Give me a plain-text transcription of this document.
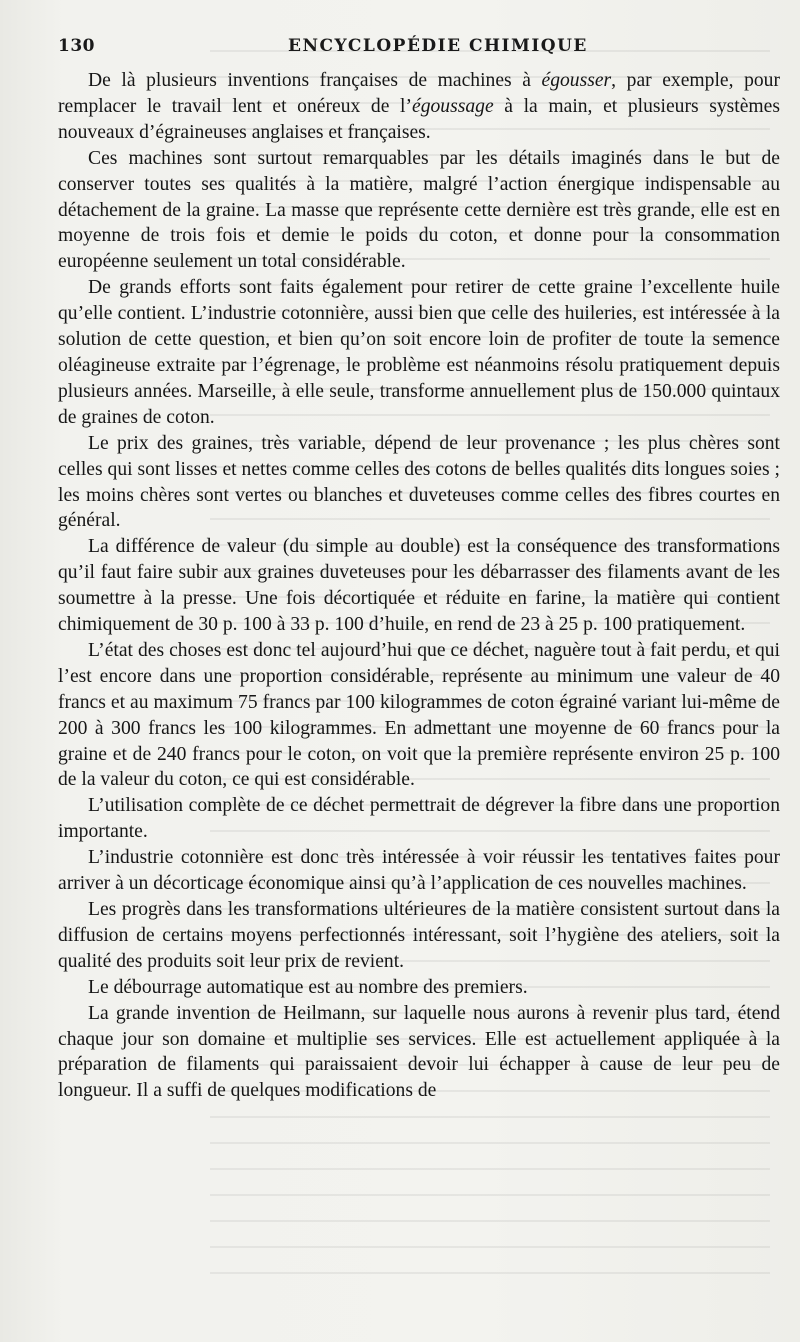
130	ENCYCLOPÉDIE CHIMIQUE

De là plusieurs inventions françaises de machines à égousser, par exemple, pour remplacer le travail lent et onéreux de l’égoussage à la main, et plusieurs systèmes nouveaux d’égraineuses anglaises et françaises.

Ces machines sont surtout remarquables par les détails imaginés dans le but de conserver toutes ses qualités à la matière, malgré l’action énergique indispensable au détachement de la graine. La masse que représente cette dernière est très grande, elle est en moyenne de trois fois et demie le poids du coton, et donne pour la consommation européenne seulement un total considérable.

De grands efforts sont faits également pour retirer de cette graine l’excellente huile qu’elle contient. L’industrie cotonnière, aussi bien que celle des huileries, est intéressée à la solution de cette question, et bien qu’on soit encore loin de profiter de toute la semence oléagineuse extraite par l’égrenage, le problème est néanmoins résolu pratiquement depuis plusieurs années. Marseille, à elle seule, transforme annuellement plus de 150.000 quintaux de graines de coton.

Le prix des graines, très variable, dépend de leur provenance ; les plus chères sont celles qui sont lisses et nettes comme celles des cotons de belles qualités dits longues soies ; les moins chères sont vertes ou blanches et duveteuses comme celles des fibres courtes en général.

La différence de valeur (du simple au double) est la conséquence des transformations qu’il faut faire subir aux graines duveteuses pour les débarrasser des filaments avant de les soumettre à la presse. Une fois décortiquée et réduite en farine, la matière qui contient chimiquement de 30 p. 100 à 33 p. 100 d’huile, en rend de 23 à 25 p. 100 pratiquement.

L’état des choses est donc tel aujourd’hui que ce déchet, naguère tout à fait perdu, et qui l’est encore dans une proportion considérable, représente au minimum une valeur de 40 francs et au maximum 75 francs par 100 kilogrammes de coton égrainé variant lui-même de 200 à 300 francs les 100 kilogrammes. En admettant une moyenne de 60 francs pour la graine et de 240 francs pour le coton, on voit que la première représente environ 25 p. 100 de la valeur du coton, ce qui est considérable.

L’utilisation complète de ce déchet permettrait de dégrever la fibre dans une proportion importante.

L’industrie cotonnière est donc très intéressée à voir réussir les tentatives faites pour arriver à un décorticage économique ainsi qu’à l’application de ces nouvelles machines.

Les progrès dans les transformations ultérieures de la matière consistent surtout dans la diffusion de certains moyens perfectionnés intéressant, soit l’hygiène des ateliers, soit la qualité des produits soit leur prix de revient.

Le débourrage automatique est au nombre des premiers.

La grande invention de Heilmann, sur laquelle nous aurons à revenir plus tard, étend chaque jour son domaine et multiplie ses services. Elle est actuellement appliquée à la préparation de filaments qui paraissaient devoir lui échapper à cause de leur peu de longueur. Il a suffi de quelques modifications de
